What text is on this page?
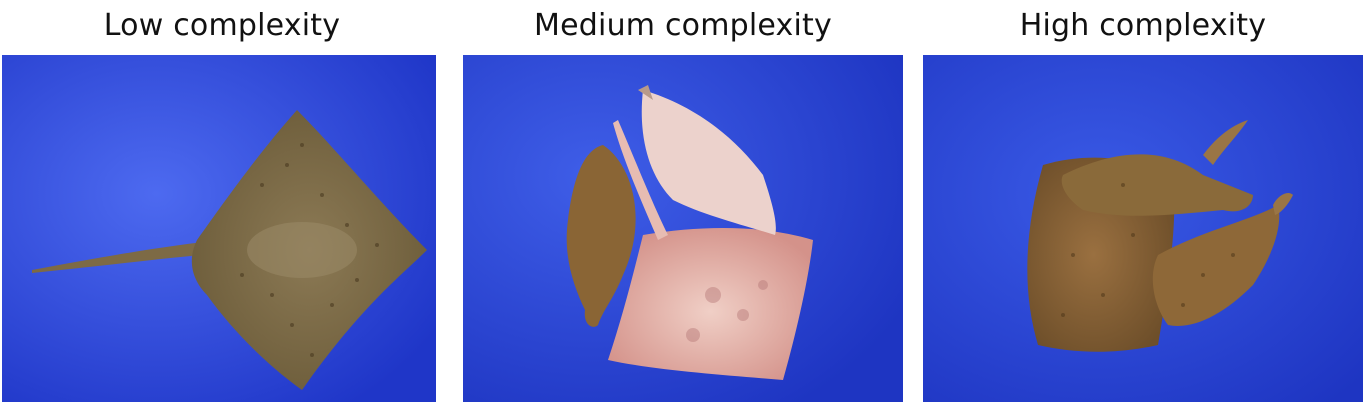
Low complexity	Medium complexity	High complexity
